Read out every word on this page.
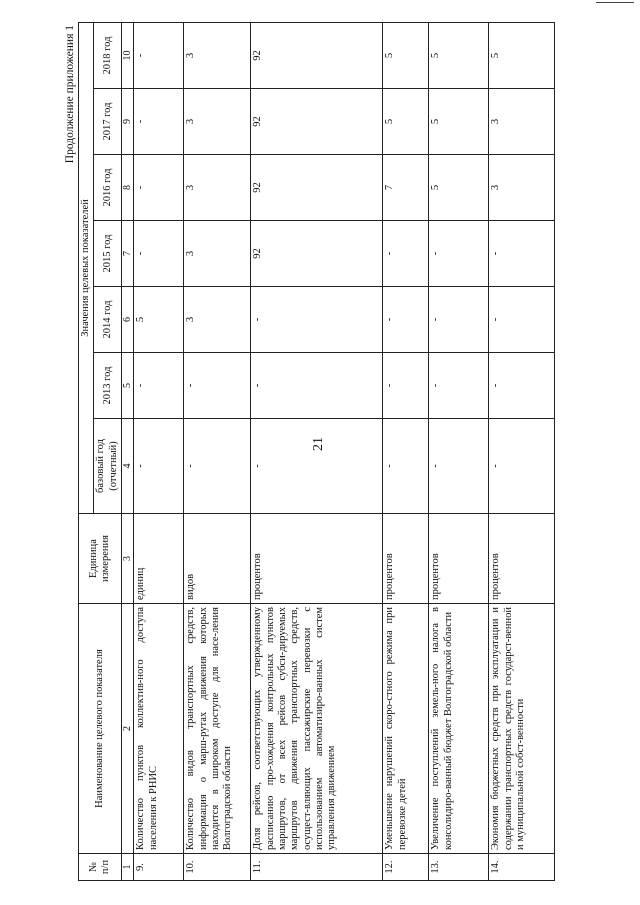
21
Продолжение приложения 1
№ п/п	Наименование целевого показателя	Единица измерения	Значения целевых показателей						
			базовый год (отчетный)	2013 год	2014 год	2015 год	2016 год	2017 год	2018 год
1	2	3	4	5	6	7	8	9	10
9.	Количество пунктов коллектив-ного доступа населения к РНИС	единиц	-	-	5	-	-	-	-
10.	Количество видов транспортных средств, информация о марш-рутах движения которых находится в широком доступе для насе-ления Волгоградской области	видов	-	-	3	3	3	3	3
11.	Доля рейсов, соответствующих утвержденному расписанию про-хождения контрольных пунктов маршрутов, от всех рейсов субси-дируемых маршрутов движения транспортных средств, осущест-вляющих пассажирские перевозки с использованием автоматизиро-ванных систем управления движением	процентов	-	-	-	92	92	92	92
12.	Уменьшение нарушений скоро-стного режима при перевозке детей	процентов	-	-	-	-	7	5	5
13.	Увеличение поступлений земель-ного налога в консолидиро-ванный бюджет Волгоградской области	процентов	-	-	-	-	5	5	5
14.	Экономия бюджетных средств при эксплуатации и содержании транспортных средств государст-венной и муниципальной собст-венности	процентов	-	-	-	-	3	3	5
